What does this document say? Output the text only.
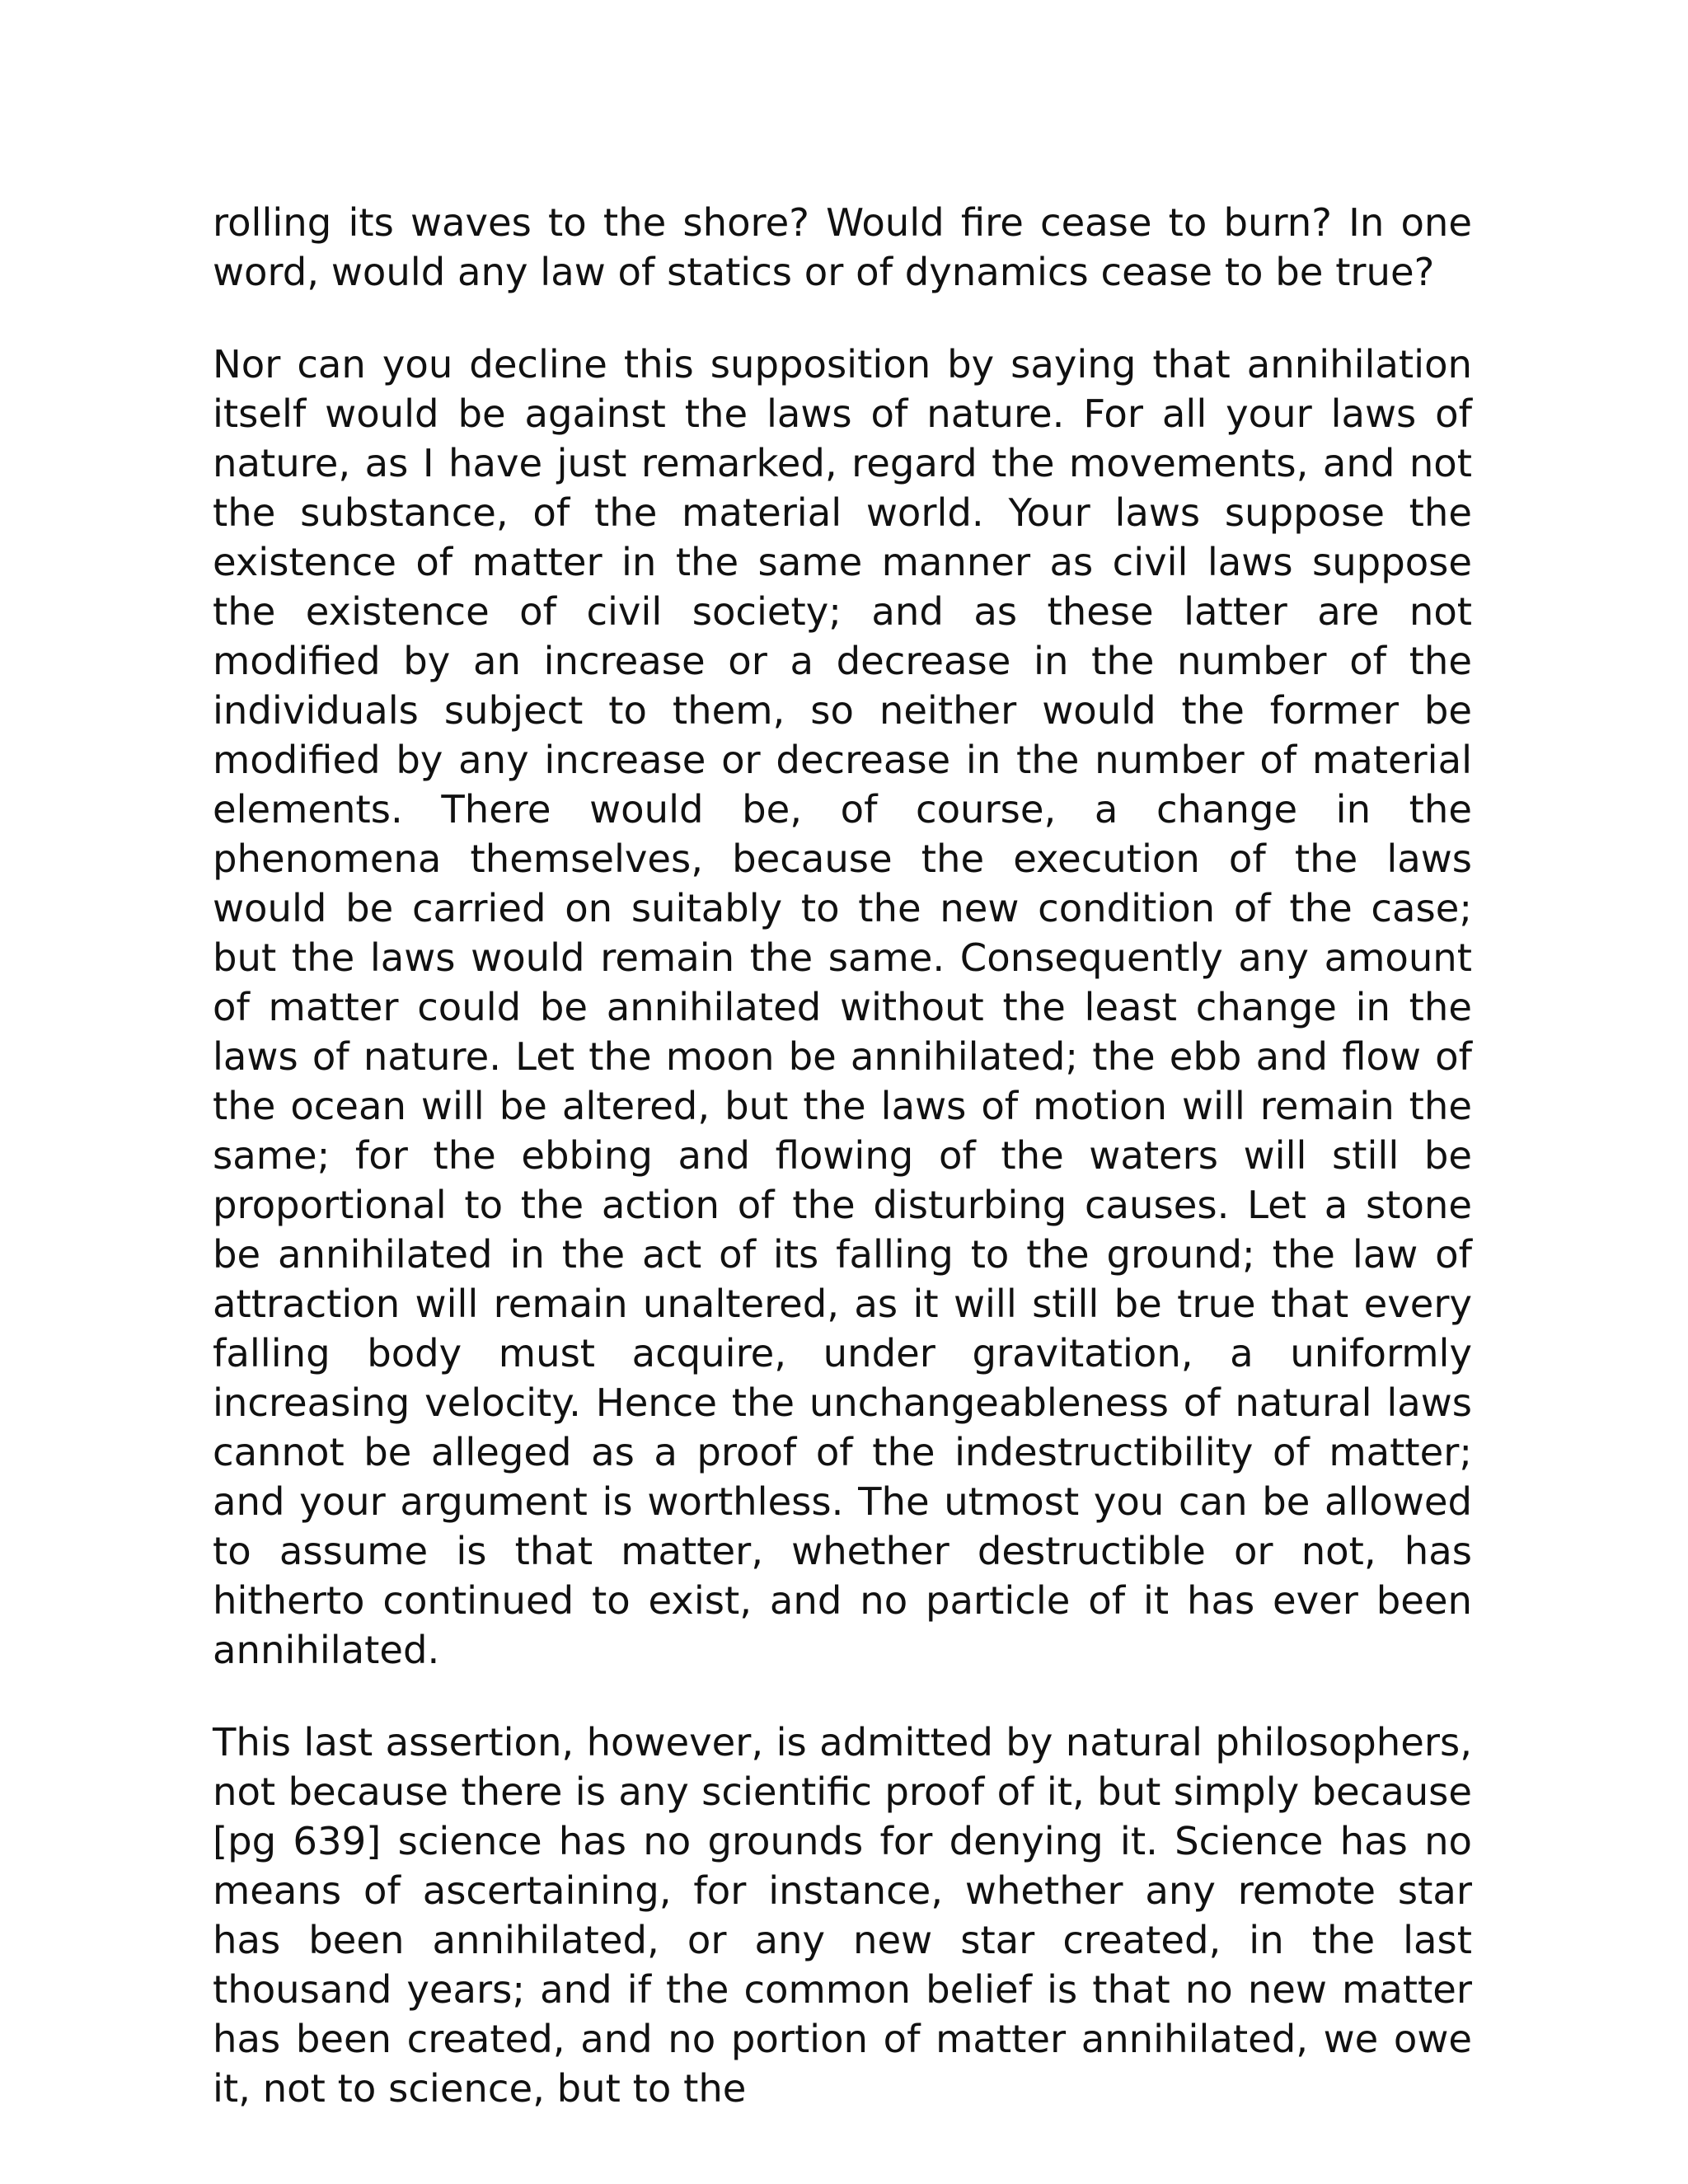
rolling its waves to the shore? Would fire cease to burn? In one word, would any law of statics or of dynamics cease to be true?

Nor can you decline this supposition by saying that annihilation itself would be against the laws of nature. For all your laws of nature, as I have just remarked, regard the movements, and not the substance, of the material world. Your laws suppose the existence of matter in the same manner as civil laws suppose the existence of civil society; and as these latter are not modified by an increase or a decrease in the number of the individuals subject to them, so neither would the former be modified by any increase or decrease in the number of material elements. There would be, of course, a change in the phenomena themselves, because the execution of the laws would be carried on suitably to the new condition of the case; but the laws would remain the same. Consequently any amount of matter could be annihilated without the least change in the laws of nature. Let the moon be annihilated; the ebb and flow of the ocean will be altered, but the laws of motion will remain the same; for the ebbing and flowing of the waters will still be proportional to the action of the disturbing causes. Let a stone be annihilated in the act of its falling to the ground; the law of attraction will remain unaltered, as it will still be true that every falling body must acquire, under gravitation, a uniformly increasing velocity. Hence the unchangeableness of natural laws cannot be alleged as a proof of the indestructibility of matter; and your argument is worthless. The utmost you can be allowed to assume is that matter, whether destructible or not, has hitherto continued to exist, and no particle of it has ever been annihilated.

This last assertion, however, is admitted by natural philosophers, not because there is any scientific proof of it, but simply because [pg 639] science has no grounds for denying it. Science has no means of ascertaining, for instance, whether any remote star has been annihilated, or any new star created, in the last thousand years; and if the common belief is that no new matter has been created, and no portion of matter annihilated, we owe it, not to science, but to the
